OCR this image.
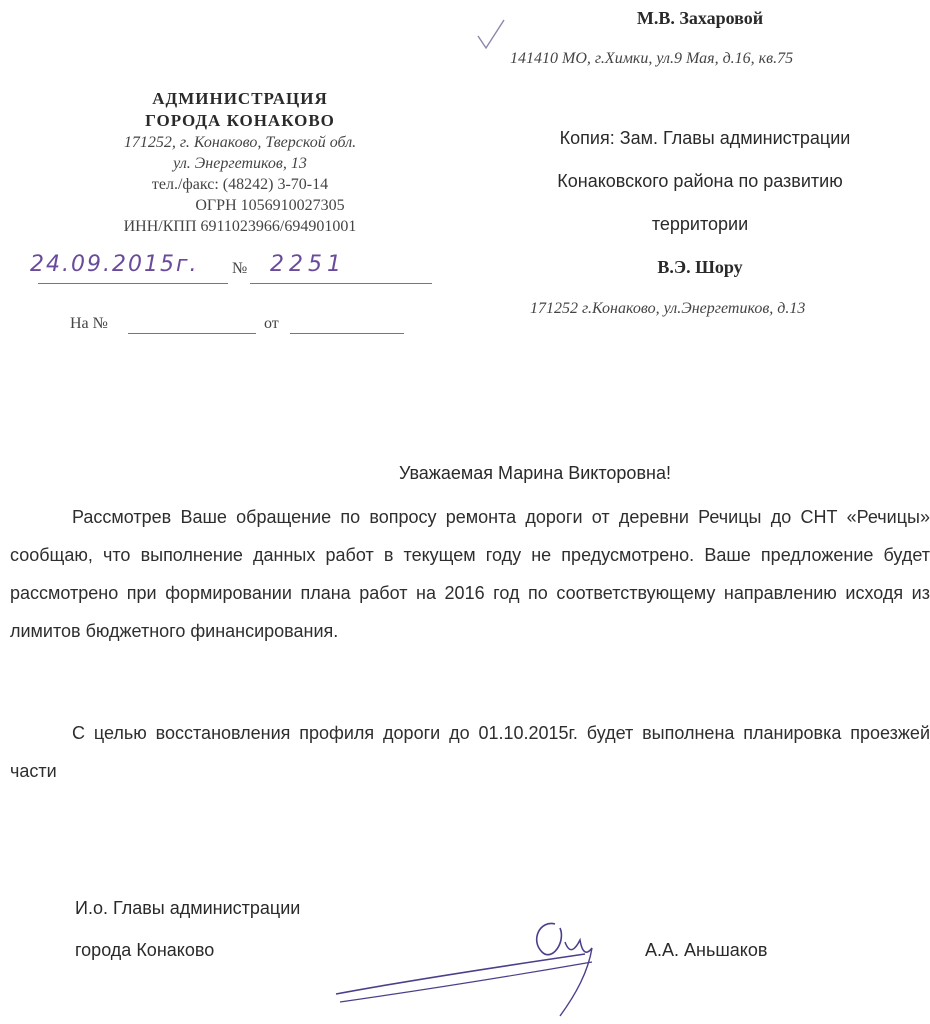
М.В. Захаровой
141410 МО, г.Химки, ул.9 Мая, д.16, кв.75
Копия: Зам. Главы администрации
Конаковского района по развитию
территории
В.Э. Шору
171252 г.Конаково, ул.Энергетиков, д.13
АДМИНИСТРАЦИЯ
ГОРОДА КОНАКОВО
171252, г. Конаково, Тверской обл.
ул. Энергетиков, 13
тел./факс: (48242) 3-70-14
ОГРН 1056910027305
ИНН/КПП 6911023966/694901001
24.09.2015г. № 2251
На №	от
Уважаемая Марина Викторовна!
Рассмотрев Ваше обращение по вопросу ремонта дороги от деревни Речицы до СНТ «Речицы» сообщаю, что выполнение данных работ в текущем году не предусмотрено. Ваше предложение будет рассмотрено при формировании плана работ на 2016 год по соответствующему направлению исходя из лимитов бюджетного финансирования.
С целью восстановления профиля дороги до 01.10.2015г. будет выполнена планировка проезжей части
И.о. Главы администрации
города Конаково	А.А. Аньшаков
